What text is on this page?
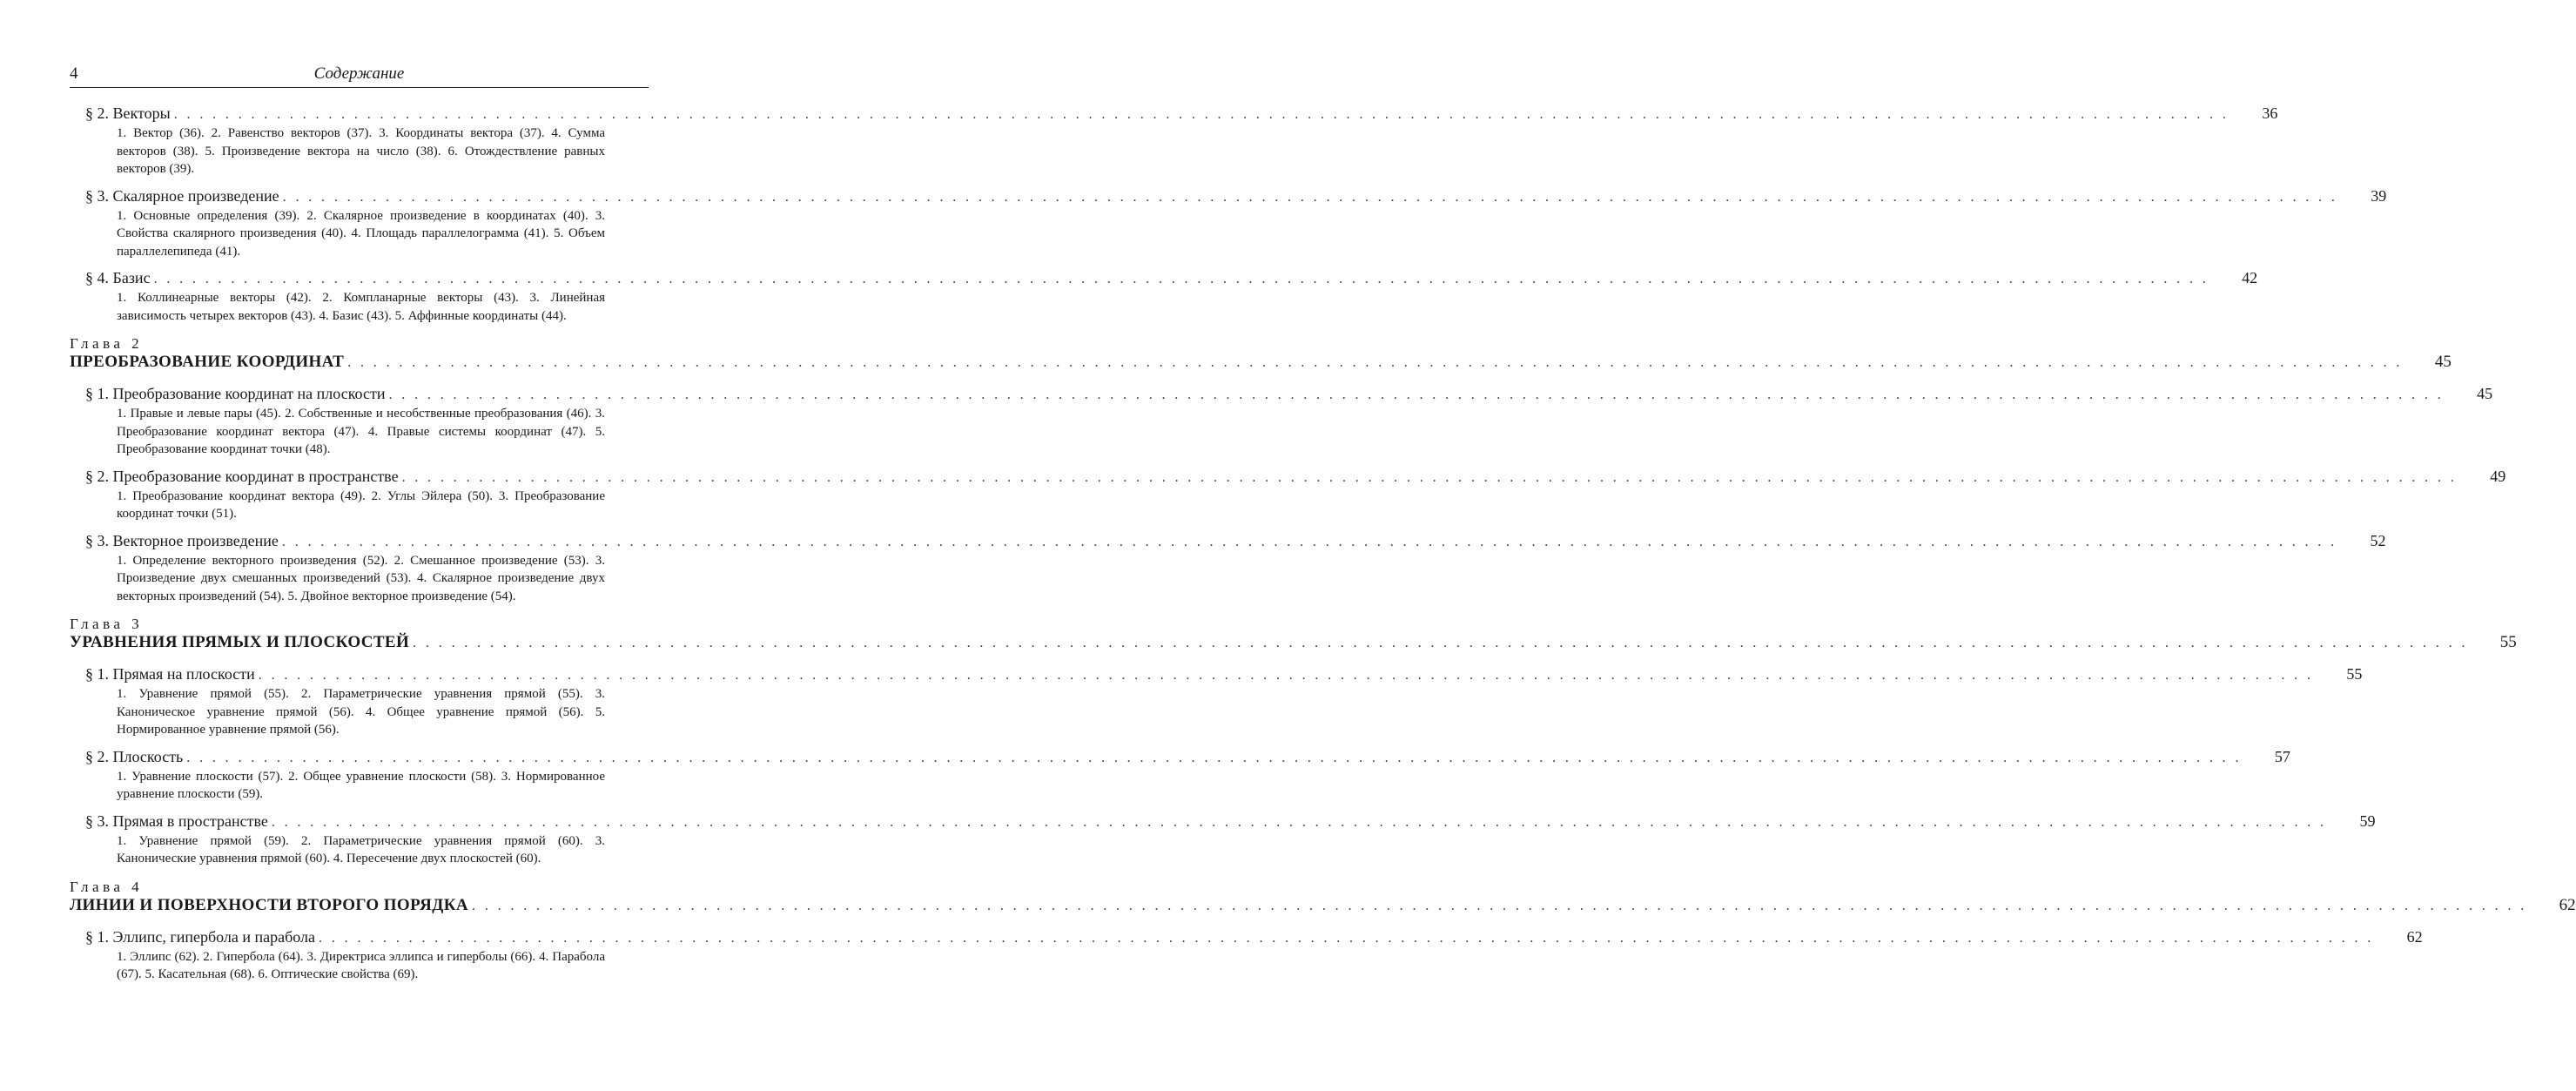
4	Содержание
§ 2. Векторы . . . . . . . . . . . . . . . . . . . . . . . . . . . . . . . . . . . . . . . . . . . . . . . . . . . . . . . . . . . . . . . . . . . . . . . . . . . . . . . . . . . . . . . . . . . . . . . . . . . . . . . . . . . . . . . . . . . . . . . . . . . . . . . . . . . . . . . . . . . . . . . . . . . . . . . . . . . . . . . .	36
1. Вектор (36). 2. Равенство векторов (37). 3. Координаты вектора (37). 4. Сумма векторов (38). 5. Произведение вектора на число (38). 6. Отождествление равных векторов (39).
§ 3. Скалярное произведение . . . . . . . . . . . . . . . . . . . . . . . . . . . . . . . . . . . . . . . . . . . . . . . . . . . . . . . . . . . . . . . . . . . . . . . . . . . . . . . . . . . . . . . . . . . . . . . . . . . . . . . . . . . . . . . . . . . . . . . . . . . . . . . . . . . . . . . . . . . . . . . . . . . . . . . . . . . . . . . .	39
1. Основные определения (39). 2. Скалярное произведение в координатах (40). 3. Свойства скалярного произведения (40). 4. Площадь параллелограмма (41). 5. Объем параллелепипеда (41).
§ 4. Базис . . . . . . . . . . . . . . . . . . . . . . . . . . . . . . . . . . . . . . . . . . . . . . . . . . . . . . . . . . . . . . . . . . . . . . . . . . . . . . . . . . . . . . . . . . . . . . . . . . . . . . . . . . . . . . . . . . . . . . . . . . . . . . . . . . . . . . . . . . . . . . . . . . . . . . . . . . . . . . . .	42
1. Коллинеарные векторы (42). 2. Компланарные векторы (43). 3. Линейная зависимость четырех векторов (43). 4. Базис (43). 5. Аффинные координаты (44).
Глава 2
ПРЕОБРАЗОВАНИЕ КООРДИНАТ . . . . . . . . . . . . . . . . . . . . . . . . . . . . . . . . . . . . . . . . . . . . . . . . . . . . . . . . . . . . . . . . . . . . . . . . . . . . . . . . . . . . . . . . . . . . . . . . . . . . . . . . . . . . . . . . . . . . . . . . . . . . . . . . . . . . . . . . . . . . . . . . . . . . . . . . . . . . . . . .	45
§ 1. Преобразование координат на плоскости . . . . . . . . . . . . . . . . . . . . . . . . . . . . . . . . . . . . . . . . . . . . . . . . . . . . . . . . . . . . . . . . . . . . . . . . . . . . . . . . . . . . . . . . . . . . . . . . . . . . . . . . . . . . . . . . . . . . . . . . . . . . . . . . . . . . . . . . . . . . . . . . . . . . . . . . . . . . . . . .	45
1. Правые и левые пары (45). 2. Собственные и несобственные преобразования (46). 3. Преобразование координат вектора (47). 4. Правые системы координат (47). 5. Преобразование координат точки (48).
§ 2. Преобразование координат в пространстве . . . . . . . . . . . . . . . . . . . . . . . . . . . . . . . . . . . . . . . . . . . . . . . . . . . . . . . . . . . . . . . . . . . . . . . . . . . . . . . . . . . . . . . . . . . . . . . . . . . . . . . . . . . . . . . . . . . . . . . . . . . . . . . . . . . . . . . . . . . . . . . . . . . . . . . . . . . . . . . .	49
1. Преобразование координат вектора (49). 2. Углы Эйлера (50). 3. Преобразование координат точки (51).
§ 3. Векторное произведение . . . . . . . . . . . . . . . . . . . . . . . . . . . . . . . . . . . . . . . . . . . . . . . . . . . . . . . . . . . . . . . . . . . . . . . . . . . . . . . . . . . . . . . . . . . . . . . . . . . . . . . . . . . . . . . . . . . . . . . . . . . . . . . . . . . . . . . . . . . . . . . . . . . . . . . . . . . . . . . .	52
1. Определение векторного произведения (52). 2. Смешанное произведение (53). 3. Произведение двух смешанных произведений (53). 4. Скалярное произведение двух векторных произведений (54). 5. Двойное векторное произведение (54).
Глава 3
УРАВНЕНИЯ ПРЯМЫХ И ПЛОСКОСТЕЙ . . . . . . . . . . . . . . . . . . . . . . . . . . . . . . . . . . . . . . . . . . . . . . . . . . . . . . . . . . . . . . . . . . . . . . . . . . . . . . . . . . . . . . . . . . . . . . . . . . . . . . . . . . . . . . . . . . . . . . . . . . . . . . . . . . . . . . . . . . . . . . . . . . . . . . . . . . . . . . . .	55
§ 1. Прямая на плоскости . . . . . . . . . . . . . . . . . . . . . . . . . . . . . . . . . . . . . . . . . . . . . . . . . . . . . . . . . . . . . . . . . . . . . . . . . . . . . . . . . . . . . . . . . . . . . . . . . . . . . . . . . . . . . . . . . . . . . . . . . . . . . . . . . . . . . . . . . . . . . . . . . . . . . . . . . . . . . . . .	55
1. Уравнение прямой (55). 2. Параметрические уравнения прямой (55). 3. Каноническое уравнение прямой (56). 4. Общее уравнение прямой (56). 5. Нормированное уравнение прямой (56).
§ 2. Плоскость . . . . . . . . . . . . . . . . . . . . . . . . . . . . . . . . . . . . . . . . . . . . . . . . . . . . . . . . . . . . . . . . . . . . . . . . . . . . . . . . . . . . . . . . . . . . . . . . . . . . . . . . . . . . . . . . . . . . . . . . . . . . . . . . . . . . . . . . . . . . . . . . . . . . . . . . . . . . . . . .	57
1. Уравнение плоскости (57). 2. Общее уравнение плоскости (58). 3. Нормированное уравнение плоскости (59).
§ 3. Прямая в пространстве . . . . . . . . . . . . . . . . . . . . . . . . . . . . . . . . . . . . . . . . . . . . . . . . . . . . . . . . . . . . . . . . . . . . . . . . . . . . . . . . . . . . . . . . . . . . . . . . . . . . . . . . . . . . . . . . . . . . . . . . . . . . . . . . . . . . . . . . . . . . . . . . . . . . . . . . . . . . . . . .	59
1. Уравнение прямой (59). 2. Параметрические уравнения прямой (60). 3. Канонические уравнения прямой (60). 4. Пересечение двух плоскостей (60).
Глава 4
ЛИНИИ И ПОВЕРХНОСТИ ВТОРОГО ПОРЯДКА . . . . . . . . . . . . . . . . . . . . . . . . . . . . . . . . . . . . . . . . . . . . . . . . . . . . . . . . . . . . . . . . . . . . . . . . . . . . . . . . . . . . . . . . . . . . . . . . . . . . . . . . . . . . . . . . . . . . . . . . . . . . . . . . . . . . . . . . . . . . . . . . . . . . . . . . . . . . . . . .	62
§ 1. Эллипс, гипербола и парабола . . . . . . . . . . . . . . . . . . . . . . . . . . . . . . . . . . . . . . . . . . . . . . . . . . . . . . . . . . . . . . . . . . . . . . . . . . . . . . . . . . . . . . . . . . . . . . . . . . . . . . . . . . . . . . . . . . . . . . . . . . . . . . . . . . . . . . . . . . . . . . . . . . . . . . . . . . . . . . . .	62
1. Эллипс (62). 2. Гипербола (64). 3. Директриса эллипса и гиперболы (66). 4. Парабола (67). 5. Касательная (68). 6. Оптические свойства (69).
